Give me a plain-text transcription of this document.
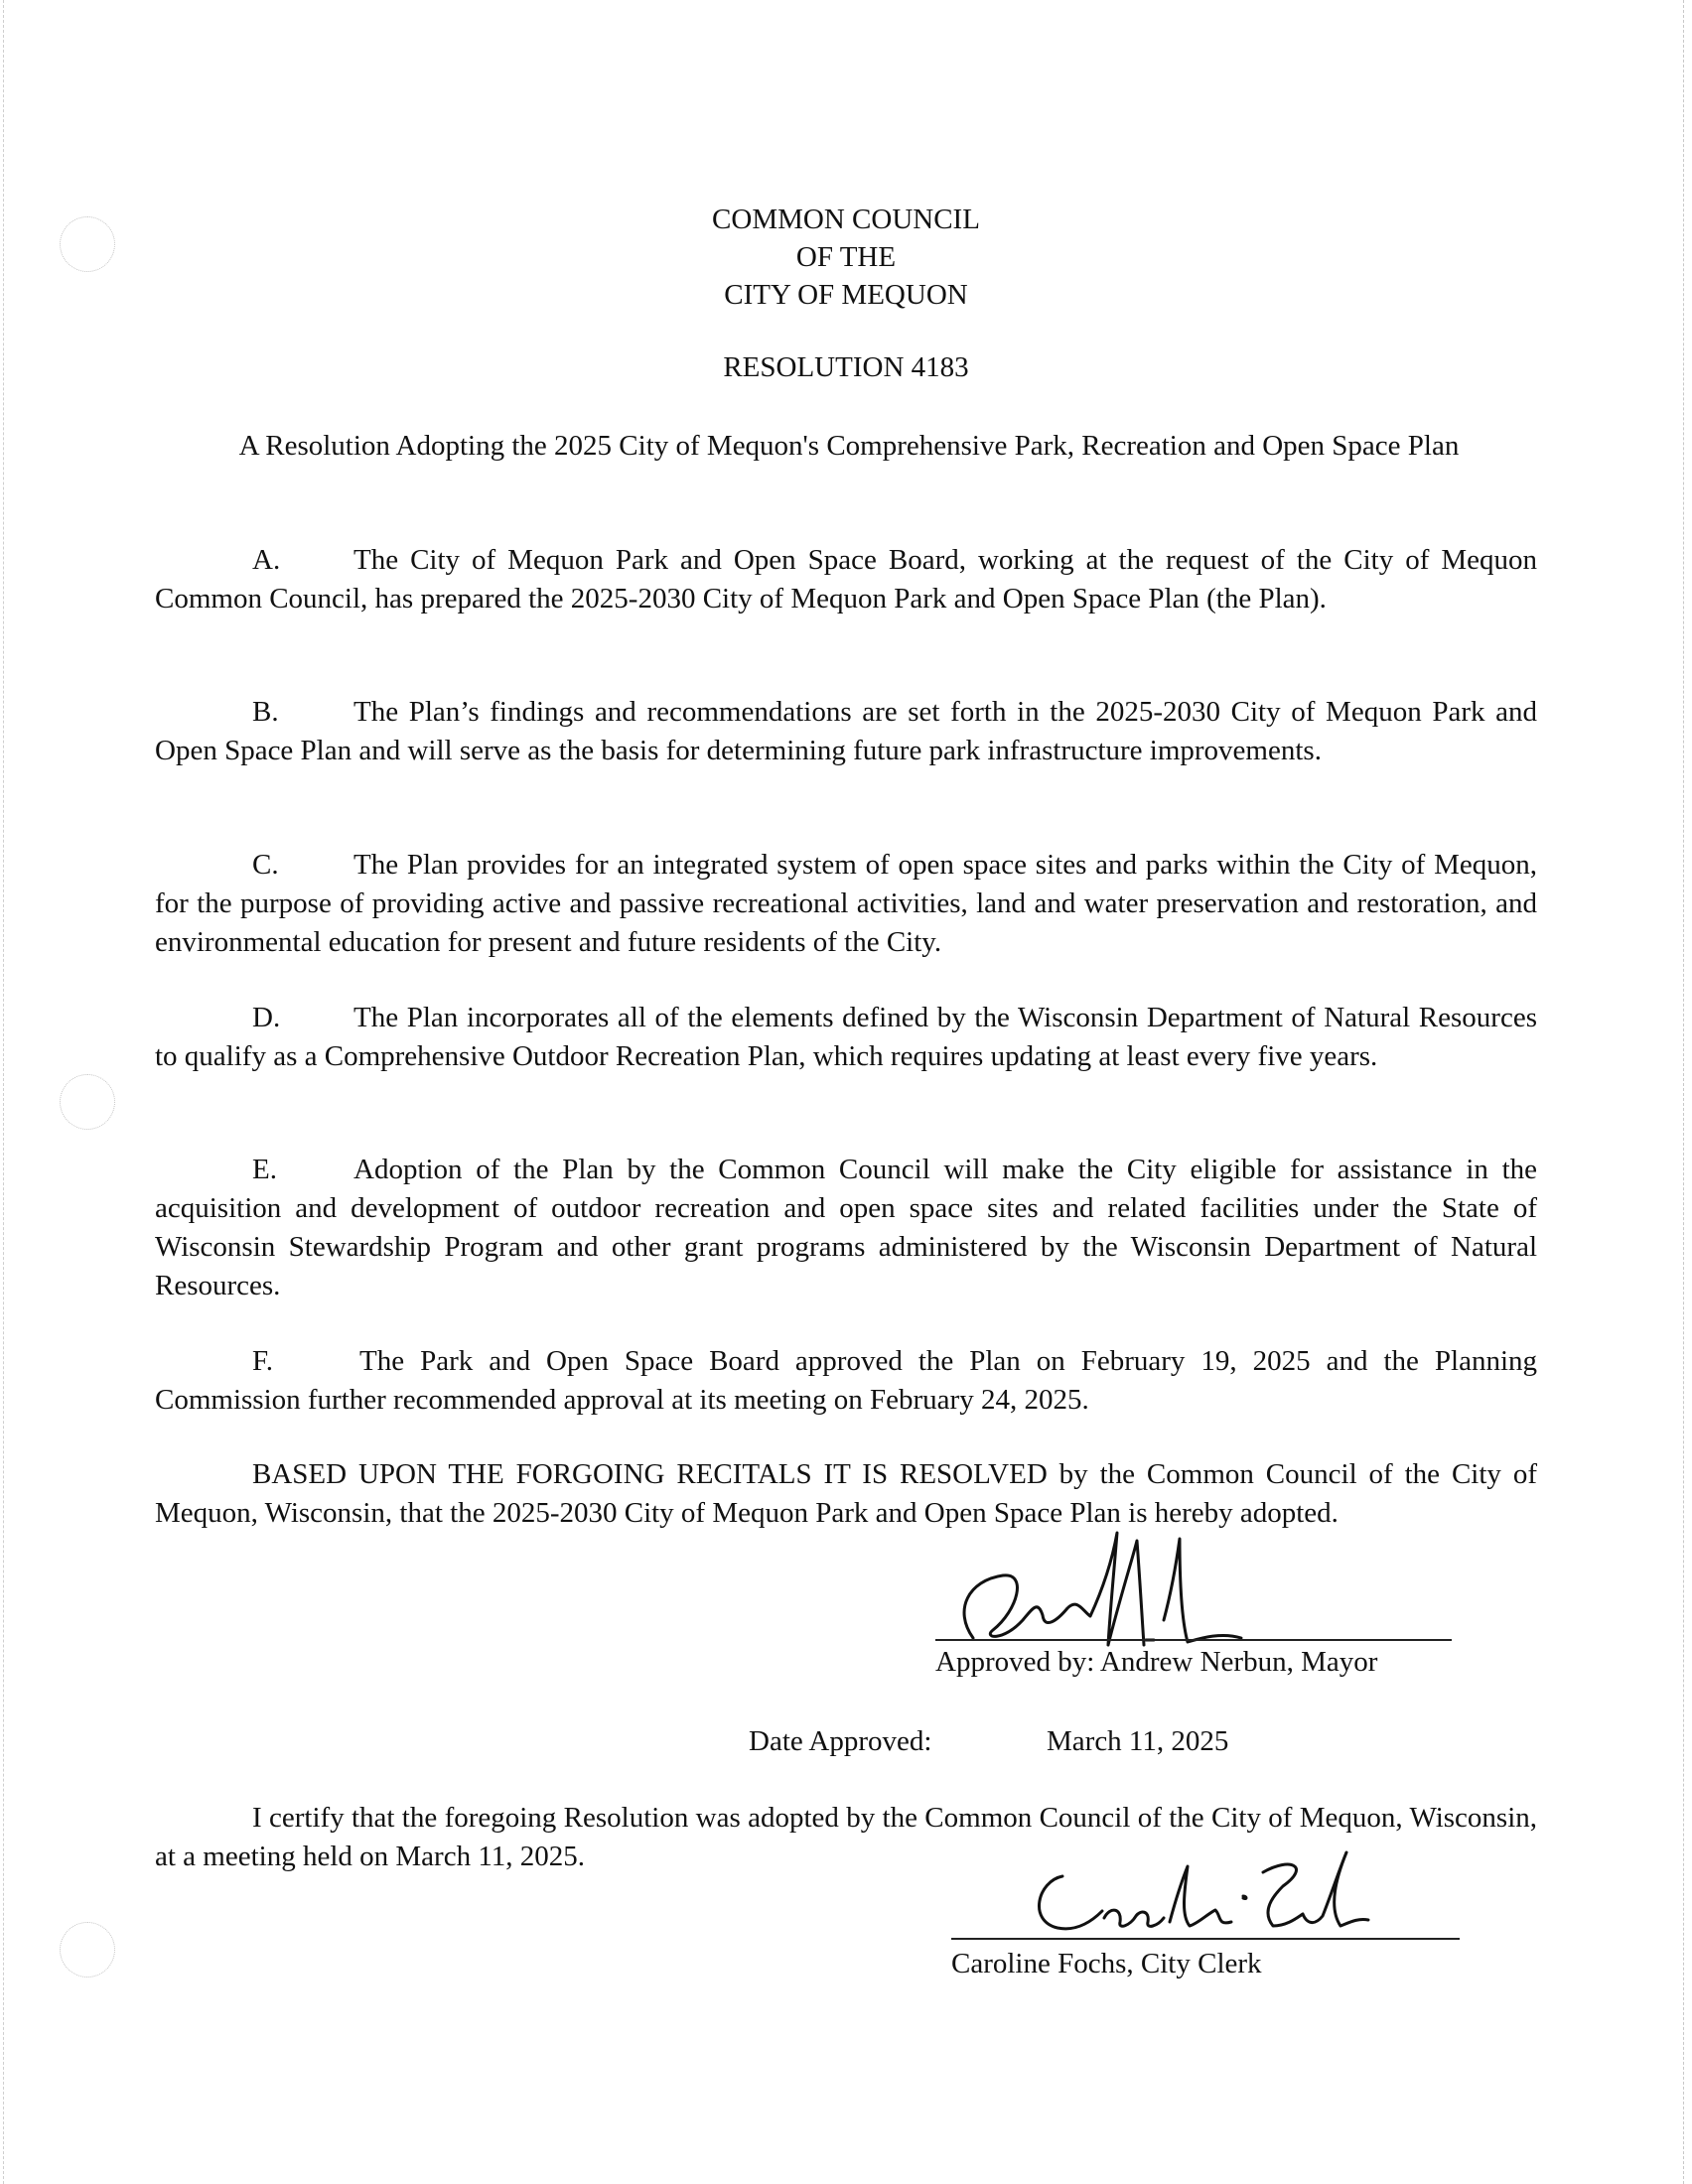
COMMON COUNCIL
OF THE
CITY OF MEQUON
RESOLUTION 4183
A Resolution Adopting the 2025 City of Mequon's Comprehensive Park, Recreation and Open Space Plan
A.	The City of Mequon Park and Open Space Board, working at the request of the City of Mequon Common Council, has prepared the 2025-2030 City of Mequon Park and Open Space Plan (the Plan).
B.	The Plan’s findings and recommendations are set forth in the 2025-2030 City of Mequon Park and Open Space Plan and will serve as the basis for determining future park infrastructure improvements.
C.	The Plan provides for an integrated system of open space sites and parks within the City of Mequon, for the purpose of providing active and passive recreational activities, land and water preservation and restoration, and environmental education for present and future residents of the City.
D.	The Plan incorporates all of the elements defined by the Wisconsin Department of Natural Resources to qualify as a Comprehensive Outdoor Recreation Plan, which requires updating at least every five years.
E.	Adoption of the Plan by the Common Council will make the City eligible for assistance in the acquisition and development of outdoor recreation and open space sites and related facilities under the State of Wisconsin Stewardship Program and other grant programs administered by the Wisconsin Department of Natural Resources.
F.	The Park and Open Space Board approved the Plan on February 19, 2025 and the Planning Commission further recommended approval at its meeting on February 24, 2025.
BASED UPON THE FORGOING RECITALS IT IS RESOLVED by the Common Council of the City of Mequon, Wisconsin, that the 2025-2030 City of Mequon Park and Open Space Plan is hereby adopted.
Approved by: Andrew Nerbun, Mayor
Date Approved:	March 11, 2025
I certify that the foregoing Resolution was adopted by the Common Council of the City of Mequon, Wisconsin, at a meeting held on March 11, 2025.
Caroline Fochs, City Clerk
